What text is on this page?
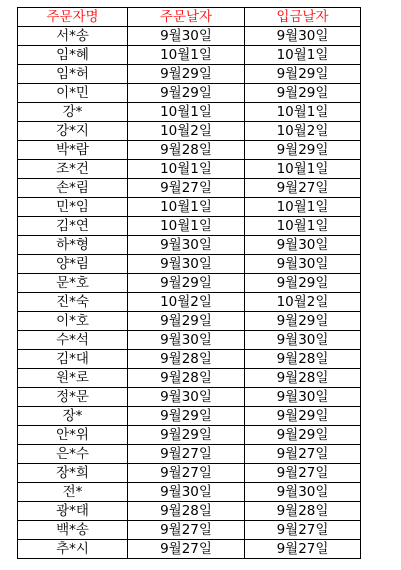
주문자명	주문날자	입금날자
서*송	9월30일	9월30일
임*혜	10월1일	10월1일
임*허	9월29일	9월29일
이*민	9월29일	9월29일
강*	10월1일	10월1일
강*지	10월2일	10월2일
박*람	9월28일	9월29일
조*건	10월1일	10월1일
손*림	9월27일	9월27일
민*임	10월1일	10월1일
김*연	10월1일	10월1일
하*형	9월30일	9월30일
양*림	9월30일	9월30일
문*호	9월29일	9월29일
진*숙	10월2일	10월2일
이*호	9월29일	9월29일
수*석	9월30일	9월30일
김*대	9월28일	9월28일
원*로	9월28일	9월28일
정*문	9월30일	9월30일
장*	9월29일	9월29일
안*위	9월29일	9월29일
은*수	9월27일	9월27일
장*희	9월27일	9월27일
전*	9월30일	9월30일
광*태	9월28일	9월28일
백*송	9월27일	9월27일
추*시	9월27일	9월27일
